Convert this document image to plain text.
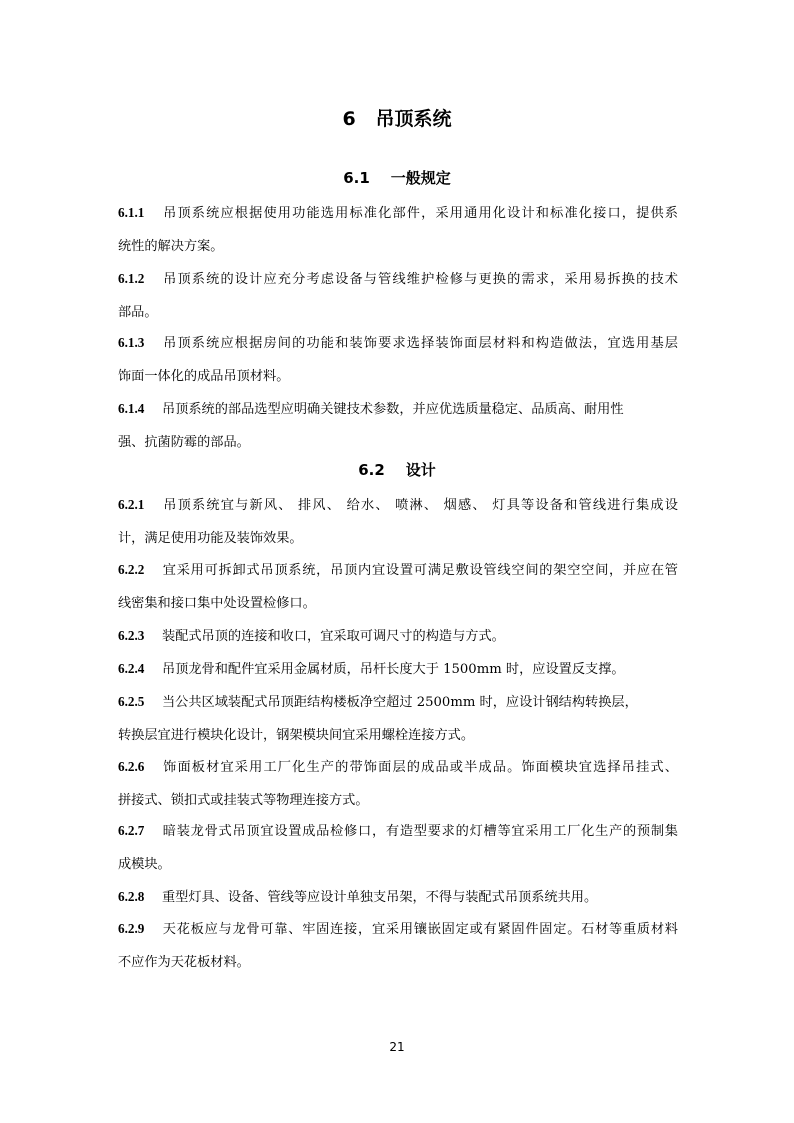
6 吊顶系统
6.1 一般规定
6.1.1 吊顶系统应根据使用功能选用标准化部件，采用通用化设计和标准化接口，提供系
统性的解决方案。
6.1.2 吊顶系统的设计应充分考虑设备与管线维护检修与更换的需求，采用易拆换的技术
部品。
6.1.3 吊顶系统应根据房间的功能和装饰要求选择装饰面层材料和构造做法，宜选用基层
饰面一体化的成品吊顶材料。
6.1.4 吊顶系统的部品选型应明确关键技术参数，并应优选质量稳定、品质高、耐用性
强、抗菌防霉的部品。
6.2 设计
6.2.1 吊顶系统宜与新风、 排风、 给水、 喷淋、 烟感、 灯具等设备和管线进行集成设
计，满足使用功能及装饰效果。
6.2.2 宜采用可拆卸式吊顶系统，吊顶内宜设置可满足敷设管线空间的架空空间，并应在管
线密集和接口集中处设置检修口。
6.2.3 装配式吊顶的连接和收口，宜采取可调尺寸的构造与方式。
6.2.4 吊顶龙骨和配件宜采用金属材质，吊杆长度大于 1500mm 时，应设置反支撑。
6.2.5 当公共区域装配式吊顶距结构楼板净空超过 2500mm 时，应设计钢结构转换层，
转换层宜进行模块化设计，钢架模块间宜采用螺栓连接方式。
6.2.6 饰面板材宜采用工厂化生产的带饰面层的成品或半成品。饰面模块宜选择吊挂式、
拼接式、锁扣式或挂装式等物理连接方式。
6.2.7 暗装龙骨式吊顶宜设置成品检修口，有造型要求的灯槽等宜采用工厂化生产的预制集
成模块。
6.2.8 重型灯具、设备、管线等应设计单独支吊架，不得与装配式吊顶系统共用。
6.2.9 天花板应与龙骨可靠、牢固连接，宜采用镶嵌固定或有紧固件固定。石材等重质材料
不应作为天花板材料。

21
